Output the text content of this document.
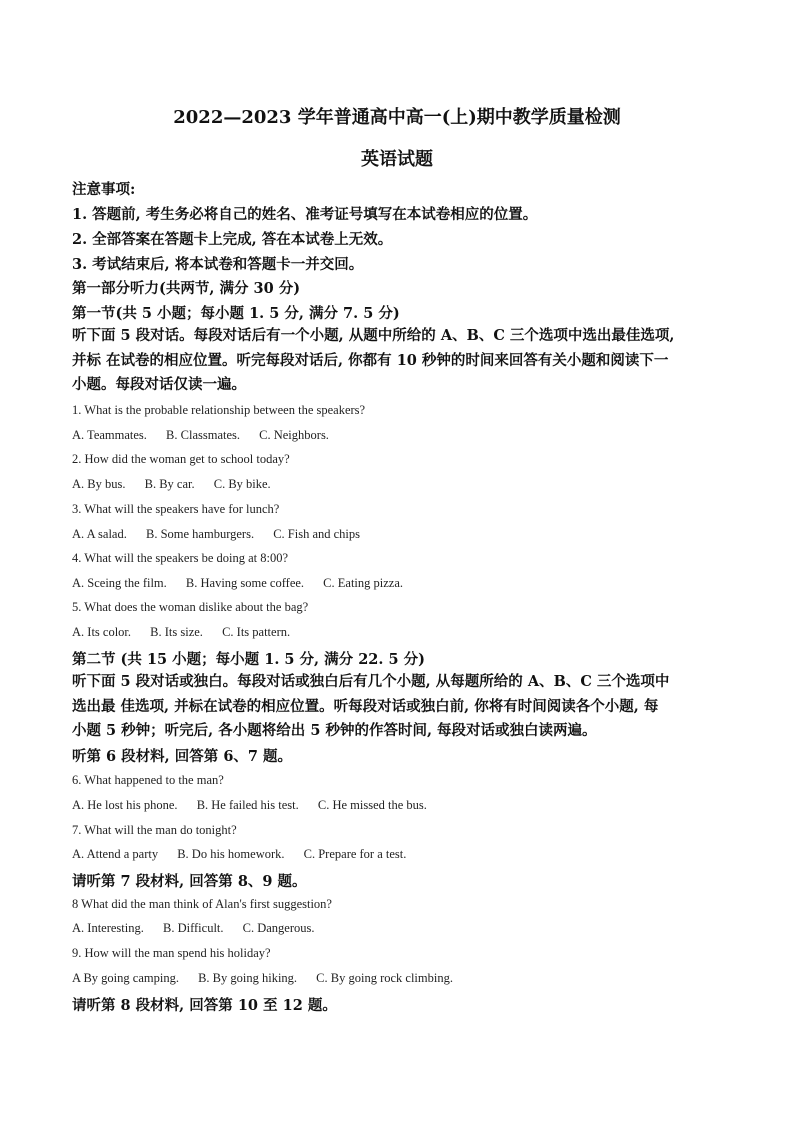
2022—2023 学年普通高中高一(上)期中教学质量检测
英语试题
注意事项:
1. 答题前, 考生务必将自己的姓名、准考证号填写在本试卷相应的位置。
2. 全部答案在答题卡上完成, 答在本试卷上无效。
3. 考试结束后, 将本试卷和答题卡一并交回。
第一部分听力(共两节, 满分 30 分)
第一节(共 5 小题；每小题 1. 5 分, 满分 7. 5 分)
听下面 5 段对话。每段对话后有一个小题, 从题中所给的 A、B、C 三个选项中选出最佳选项,
并标 在试卷的相应位置。听完每段对话后, 你都有 10 秒钟的时间来回答有关小题和阅读下一
小题。每段对话仅读一遍。
1. What is the probable relationship between the speakers?
A. Teammates. B. Classmates. C. Neighbors.
2. How did the woman get to school today?
A. By bus. B. By car. C. By bike.
3. What will the speakers have for lunch?
A. A salad. B. Some hamburgers. C. Fish and chips
4. What will the speakers be doing at 8:00?
A. Sceing the film. B. Having some coffee. C. Eating pizza.
5. What does the woman dislike about the bag?
A. Its color. B. Its size. C. Its pattern.
第二节 (共 15 小题；每小题 1. 5 分, 满分 22. 5 分)
听下面 5 段对话或独白。每段对话或独白后有几个小题, 从每题所给的 A、B、C 三个选项中
选出最 佳选项, 并标在试卷的相应位置。听每段对话或独白前, 你将有时间阅读各个小题, 每
小题 5 秒钟；听完后, 各小题将给出 5 秒钟的作答时间, 每段对话或独白读两遍。
听第 6 段材料, 回答第 6、7 题。
6. What happened to the man?
A. He lost his phone. B. He failed his test. C. He missed the bus.
7. What will the man do tonight?
A. Attend a party B. Do his homework. C. Prepare for a test.
请听第 7 段材料, 回答第 8、9 题。
8 What did the man think of Alan's first suggestion?
A. Interesting. B. Difficult. C. Dangerous.
9. How will the man spend his holiday?
A By going camping. B. By going hiking. C. By going rock climbing.
请听第 8 段材料, 回答第 10 至 12 题。
